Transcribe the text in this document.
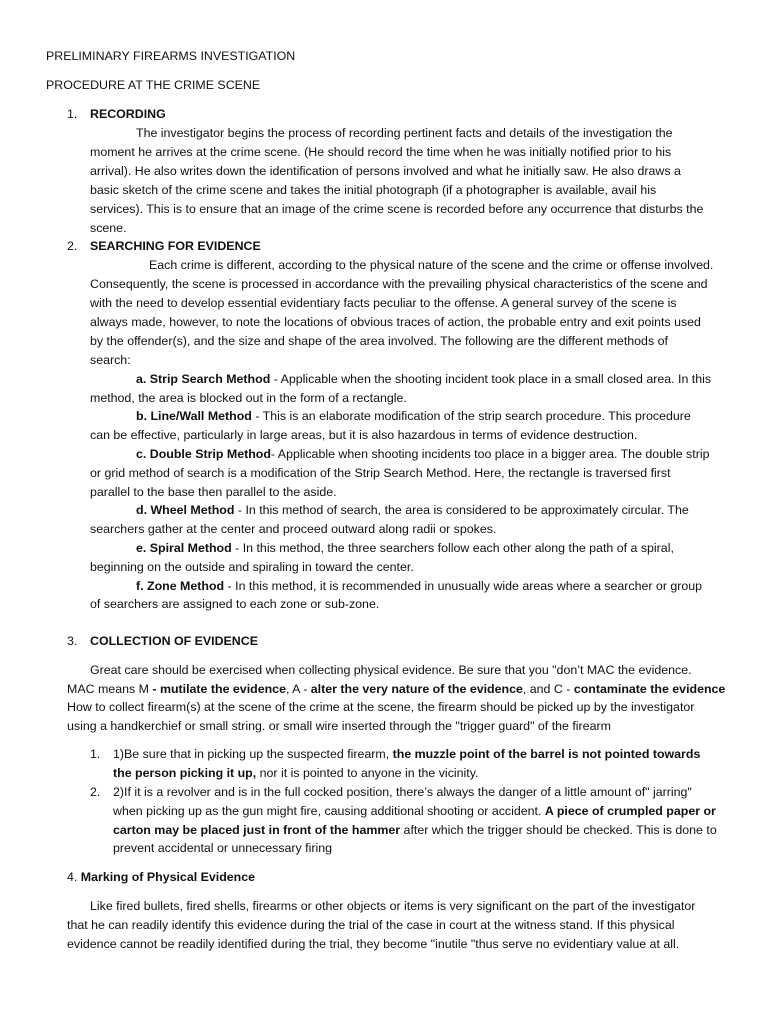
PRELIMINARY FIREARMS INVESTIGATION
PROCEDURE AT THE CRIME SCENE
1. RECORDING
The investigator begins the process of recording pertinent facts and details of the investigation the
moment he arrives at the crime scene. (He should record the time when he was initially notified prior to his
arrival). He also writes down the identification of persons involved and what he initially saw. He also draws a
basic sketch of the crime scene and takes the initial photograph (if a photographer is available, avail his
services). This is to ensure that an image of the crime scene is recorded before any occurrence that disturbs the
scene.
2. SEARCHING FOR EVIDENCE
Each crime is different, according to the physical nature of the scene and the crime or offense involved.
Consequently, the scene is processed in accordance with the prevailing physical characteristics of the scene and
with the need to develop essential evidentiary facts peculiar to the offense. A general survey of the scene is
always made, however, to note the locations of obvious traces of action, the probable entry and exit points used
by the offender(s), and the size and shape of the area involved. The following are the different methods of
search:
a. Strip Search Method - Applicable when the shooting incident took place in a small closed area. In this
method, the area is blocked out in the form of a rectangle.
b. Line/Wall Method - This is an elaborate modification of the strip search procedure. This procedure
can be effective, particularly in large areas, but it is also hazardous in terms of evidence destruction.
c. Double Strip Method- Applicable when shooting incidents too place in a bigger area. The double strip
or grid method of search is a modification of the Strip Search Method. Here, the rectangle is traversed first
parallel to the base then parallel to the aside.
d. Wheel Method - In this method of search, the area is considered to be approximately circular. The
searchers gather at the center and proceed outward along radii or spokes.
e. Spiral Method - In this method, the three searchers follow each other along the path of a spiral,
beginning on the outside and spiraling in toward the center.
f. Zone Method - In this method, it is recommended in unusually wide areas where a searcher or group
of searchers are assigned to each zone or sub-zone.
3. COLLECTION OF EVIDENCE
Great care should be exercised when collecting physical evidence. Be sure that you "don’t MAC the evidence.
MAC means M - mutilate the evidence, A - alter the very nature of the evidence, and C - contaminate the evidence
How to collect firearm(s) at the scene of the crime at the scene, the firearm should be picked up by the investigator
using a handkerchief or small string. or small wire inserted through the "trigger guard" of the firearm
1. 1)Be sure that in picking up the suspected firearm, the muzzle point of the barrel is not pointed towards
the person picking it up, nor it is pointed to anyone in the vicinity.
2. 2)If it is a revolver and is in the full cocked position, there’s always the danger of a little amount of" jarring"
when picking up as the gun might fire, causing additional shooting or accident. A piece of crumpled paper or
carton may be placed just in front of the hammer after which the trigger should be checked. This is done to
prevent accidental or unnecessary firing
4. Marking of Physical Evidence
Like fired bullets, fired shells, firearms or other objects or items is very significant on the part of the investigator
that he can readily identify this evidence during the trial of the case in court at the witness stand. If this physical
evidence cannot be readily identified during the trial, they become "inutile "thus serve no evidentiary value at all.
